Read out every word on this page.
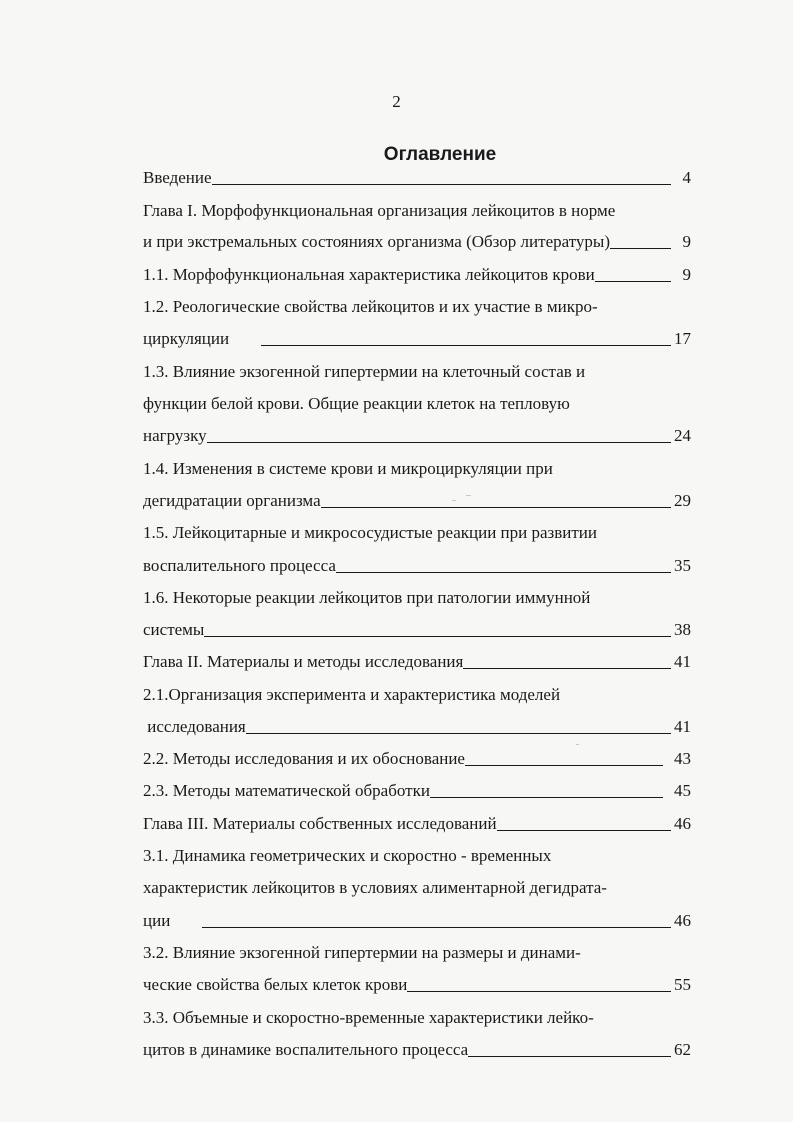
2
Оглавление
Введение	4
Глава I. Морфофункциональная организация лейкоцитов в норме
и при экстремальных состояниях организма (Обзор литературы)	9
1.1. Морфофункциональная характеристика лейкоцитов крови	9
1.2. Реологические свойства лейкоцитов и их участие в микро-
циркуляции	17
1.3. Влияние экзогенной гипертермии на клеточный состав и
функции белой крови. Общие реакции клеток на тепловую
нагрузку	24
1.4. Изменения в системе крови и микроциркуляции при
дегидратации организма	29
1.5. Лейкоцитарные и микрососудистые реакции при развитии
воспалительного процесса	35
1.6. Некоторые реакции лейкоцитов при патологии иммунной
системы	38
Глава II. Материалы и методы исследования	41
2.1.Организация эксперимента и характеристика моделей
исследования	41
2.2. Методы исследования и их обоснование	43
2.3. Методы математической обработки	45
Глава III. Материалы собственных исследований	46
3.1. Динамика геометрических и скоростно - временных
характеристик лейкоцитов в условиях алиментарной дегидрата-
ции	46
3.2. Влияние экзогенной гипертермии на размеры и динами-
ческие свойства белых клеток крови	55
3.3. Объемные и скоростно-временные характеристики лейко-
цитов в динамике воспалительного процесса	62
